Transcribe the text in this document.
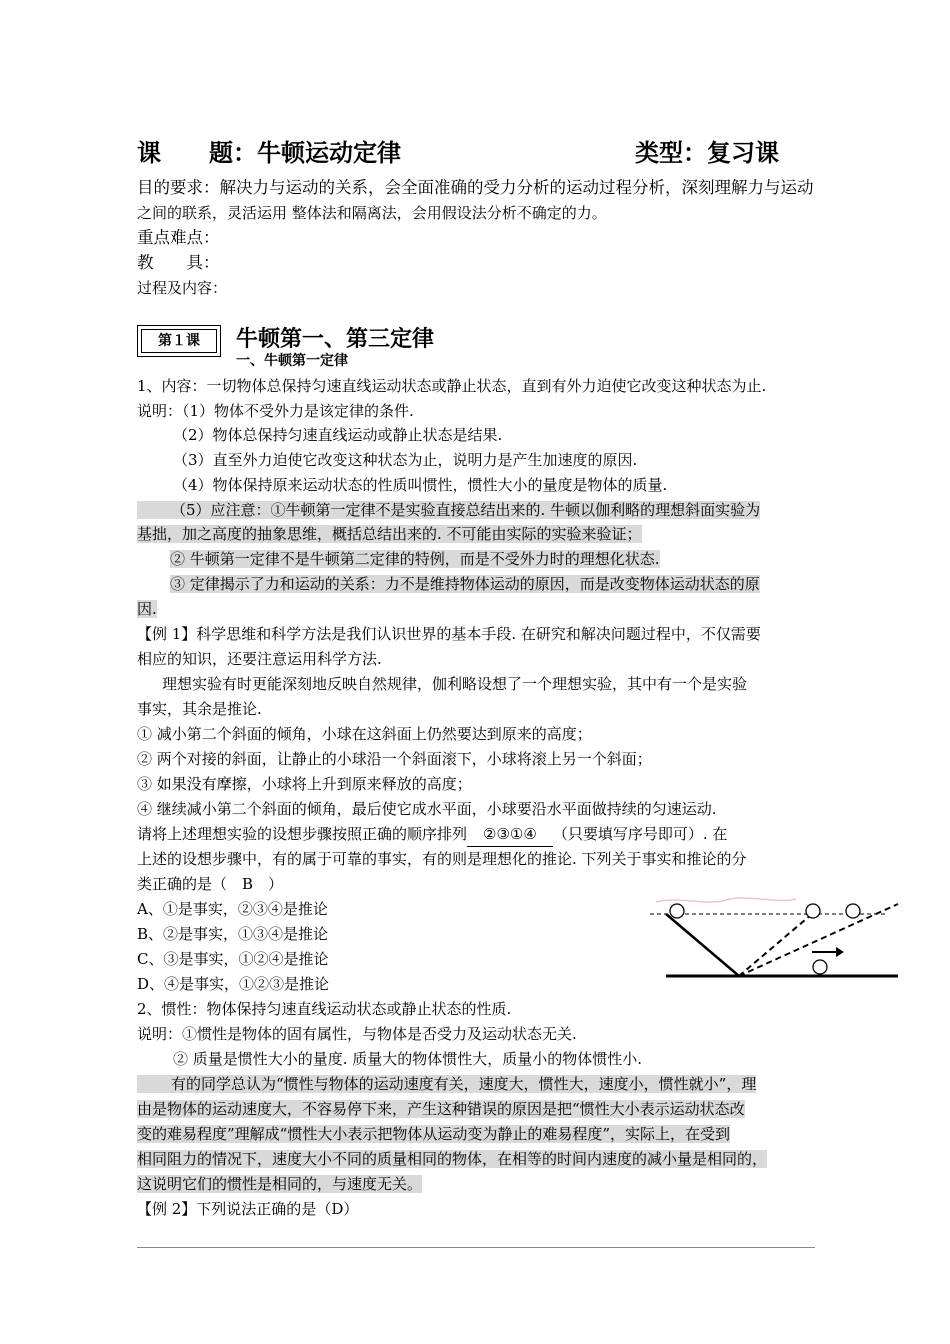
课　　题：牛顿运动定律	类型：复习课
目的要求：解决力与运动的关系，会全面准确的受力分析的运动过程分析，深刻理解力与运动
之间的联系，灵活运用 整体法和隔离法，会用假设法分析不确定的力。
重点难点：
教　　具：
过程及内容：
第１课	牛顿第一、第三定律
一、牛顿第一定律
1、内容：一切物体总保持匀速直线运动状态或静止状态，直到有外力迫使它改变这种状态为止.
说明：（1）物体不受外力是该定律的条件.
（2）物体总保持匀速直线运动或静止状态是结果.
（3）直至外力迫使它改变这种状态为止，说明力是产生加速度的原因.
（4）物体保持原来运动状态的性质叫惯性，惯性大小的量度是物体的质量.
（5）应注意：①牛顿第一定律不是实验直接总结出来的. 牛顿以伽利略的理想斜面实验为
基拙，加之高度的抽象思维，概括总结出来的. 不可能由实际的实验来验证；
② 牛顿第一定律不是牛顿第二定律的特例，而是不受外力时的理想化状态.
③ 定律揭示了力和运动的关系：力不是维持物体运动的原因，而是改变物体运动状态的原
因.
【例 1】科学思维和科学方法是我们认识世界的基本手段. 在研究和解决问题过程中，不仅需要
相应的知识，还要注意运用科学方法.
理想实验有时更能深刻地反映自然规律，伽利略设想了一个理想实验，其中有一个是实验
事实，其余是推论.
① 减小第二个斜面的倾角，小球在这斜面上仍然要达到原来的高度；
② 两个对接的斜面，让静止的小球沿一个斜面滚下，小球将滚上另一个斜面；
③ 如果没有摩擦，小球将上升到原来释放的高度；
④ 继续减小第二个斜面的倾角，最后使它成水平面，小球要沿水平面做持续的匀速运动.
请将上述理想实验的设想步骤按照正确的顺序排列 ②③①④ （只要填写序号即可）. 在
上述的设想步骤中，有的属于可靠的事实，有的则是理想化的推论. 下列关于事实和推论的分
类正确的是（　B　）
A、①是事实，②③④是推论
B、②是事实，①③④是推论
C、③是事实，①②④是推论
D、④是事实，①②③是推论
2、惯性：物体保持匀速直线运动状态或静止状态的性质.
说明：①惯性是物体的固有属性，与物体是否受力及运动状态无关.
② 质量是惯性大小的量度. 质量大的物体惯性大，质量小的物体惯性小.
有的同学总认为“惯性与物体的运动速度有关，速度大，惯性大，速度小，惯性就小”，理
由是物体的运动速度大，不容易停下来，产生这种错误的原因是把“惯性大小表示运动状态改
变的难易程度”理解成“惯性大小表示把物体从运动变为静止的难易程度”，实际上，在受到
相同阻力的情况下，速度大小不同的质量相同的物体，在相等的时间内速度的减小量是相同的，
这说明它们的惯性是相同的，与速度无关。
【例 2】下列说法正确的是（D）
